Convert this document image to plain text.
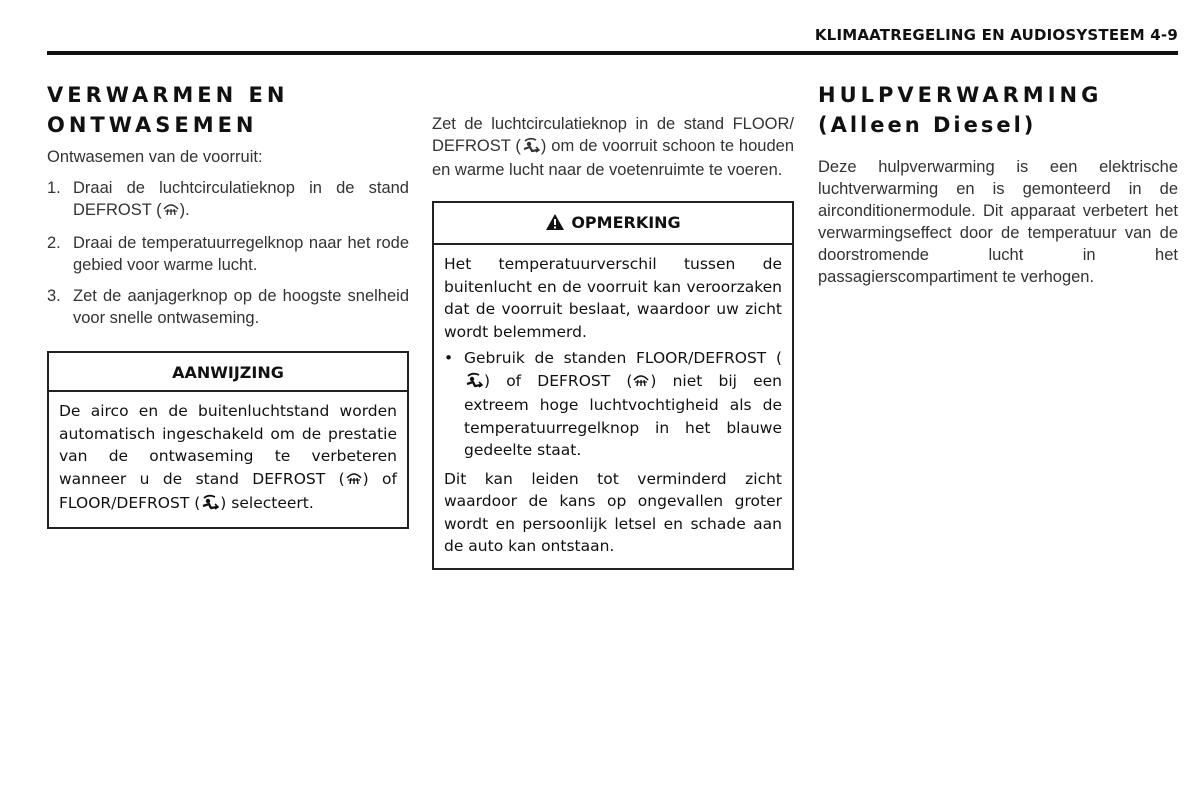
KLIMAATREGELING EN AUDIOSYSTEEM 4-9
VERWARMEN EN ONTWASEMEN

Ontwasemen van de voorruit:

1. Draai de luchtcirculatieknop in de stand DEFROST ( ).
2. Draai de temperatuurregelknop naar het rode gebied voor warme lucht.
3. Zet de aanjagerknop op de hoogste snelheid voor snelle ontwaseming.
AANWIJZING

De airco en de buitenluchtstand worden automatisch ingeschakeld om de prestatie van de ontwaseming te verbeteren wanneer u de stand DEFROST ( ) of FLOOR/DEFROST ( ) selecteert.

Zet de luchtcirculatieknop in de stand FLOOR/ DEFROST ( ) om de voorruit schoon te houden en warme lucht naar de voetenruimte te voeren.

OPMERKING

Het temperatuurverschil tussen de buitenlucht en de voorruit kan veroorzaken dat de voorruit beslaat, waardoor uw zicht wordt belemmerd.

• Gebruik de standen FLOOR/DEFROST () of DEFROST ( ) niet bij een extreem hoge luchtvochtigheid als de temperatuurregelknop in het blauwe gedeelte staat.

Dit kan leiden tot verminderd zicht waardoor de kans op ongevallen groter wordt en persoonlijk letsel en schade aan de auto kan ontstaan.

HULPVERWARMING
(Alleen Diesel)

Deze hulpverwarming is een elektrische luchtverwarming en is gemonteerd in de airconditionermodule. Dit apparaat verbetert het verwarmingseffect door de temperatuur van de doorstromende lucht in het passagierscompartiment te verhogen.
